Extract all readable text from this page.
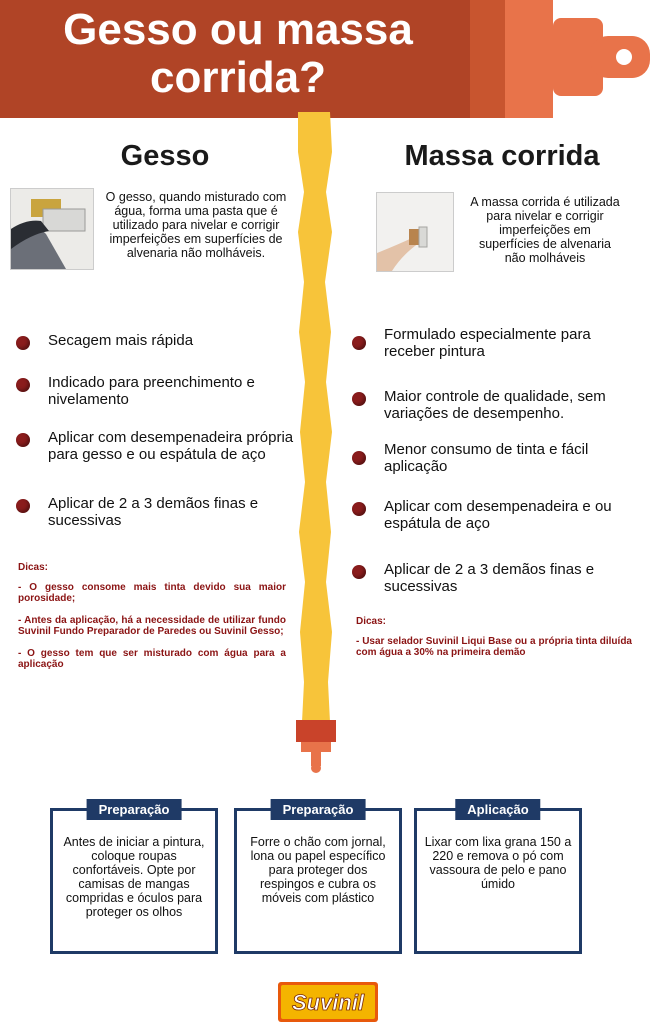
Gesso ou massa corrida?
Gesso
O gesso, quando misturado com água, forma uma pasta que é utilizado para nivelar e corrigir imperfeições em superfícies de alvenaria não molháveis.
Secagem mais rápida
Indicado para preenchimento e nivelamento
Aplicar com desempenadeira própria para gesso e ou espátula de aço
Aplicar de 2 a 3 demãos finas e sucessivas

Dicas:

- O gesso consome mais tinta devido sua maior porosidade;

- Antes da aplicação, há a necessidade de utilizar fundo Suvinil Fundo Preparador de Paredes ou Suvinil Gesso;

- O gesso tem que ser misturado com água para a aplicação

Massa corrida
A massa corrida é utilizada para nivelar e corrigir imperfeições em superfícies de alvenaria não molháveis
Formulado especialmente para receber pintura
Maior controle de qualidade, sem variações de desempenho.
Menor consumo de tinta e fácil aplicação
Aplicar com desempenadeira e ou espátula de aço
Aplicar de 2 a 3 demãos finas e sucessivas

Dicas:

- Usar selador Suvinil Liqui Base ou a própria tinta diluída com água a 30% na primeira demão

Preparação
Antes de iniciar a pintura, coloque roupas confortáveis. Opte por camisas de mangas compridas e óculos para proteger os olhos
Preparação
Forre o chão com jornal, lona ou papel específico para proteger dos respingos e cubra os móveis com plástico
Aplicação
Lixar com lixa grana 150 a 220 e remova o pó com vassoura de pelo e pano úmido
Suvinil
